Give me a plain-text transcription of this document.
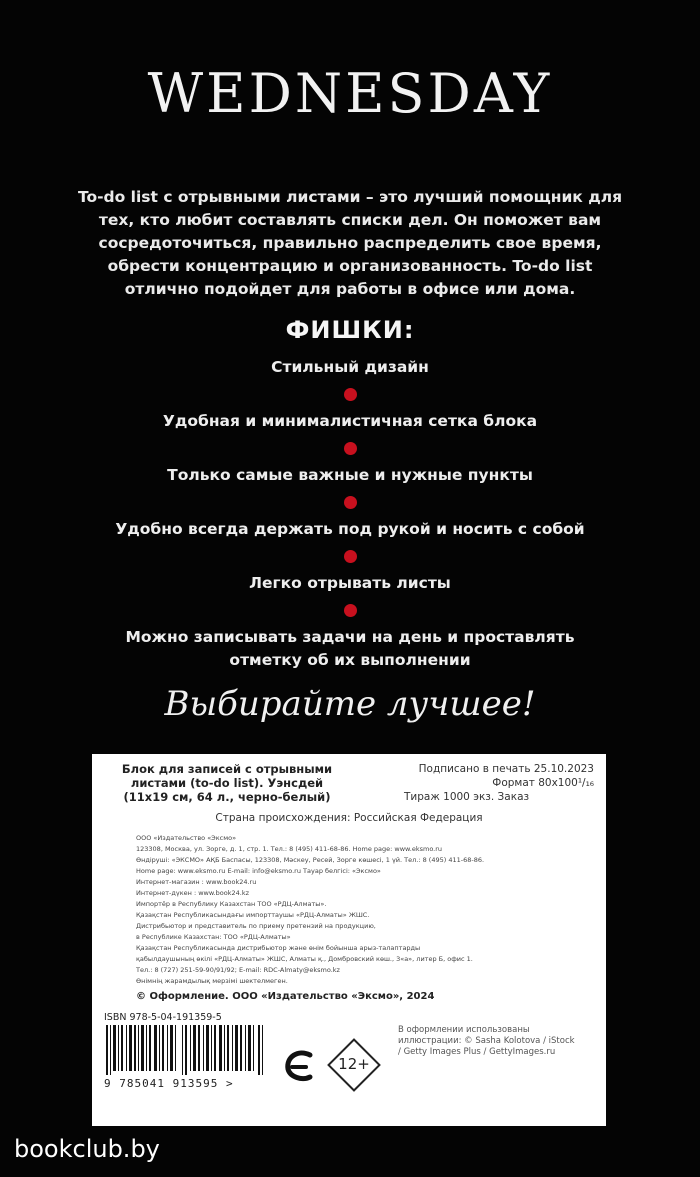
WEDNESDAY
To-do list с отрывными листами – это лучший помощник для тех, кто любит составлять списки дел. Он поможет вам сосредоточиться, правильно распределить свое время, обрести концентрацию и организованность. To-do list отлично подойдет для работы в офисе или дома.
ФИШКИ:
Стильный дизайн
Удобная и минималистичная сетка блока
Только самые важные и нужные пункты
Удобно всегда держать под рукой и носить с собой
Легко отрывать листы
Можно записывать задачи на день и проставлять отметку об их выполнении
Выбирайте лучшее!
Блок для записей с отрывными листами (to-do list). Уэнсдей (11х19 см, 64 л., черно-белый)
Подписано в печать 25.10.2023
Формат 80x100¹/₁₆
Тираж 1000 экз. Заказ
Страна происхождения: Российская Федерация
ООО «Издательство «Эксмо»
123308, Москва, ул. Зорге, д. 1, стр. 1. Тел.: 8 (495) 411-68-86. Home page: www.eksmo.ru
Өндіруші: «ЭКСМО» АҚБ Баспасы, 123308, Мәскеу, Ресей, Зорге көшесі, 1 үй. Тел.: 8 (495) 411-68-86.
Home page: www.eksmo.ru E-mail: info@eksmo.ru Тауар белгісі: «Эксмо»
Интернет-магазин : www.book24.ru
Интернет-дүкен : www.book24.kz
Импортёр в Республику Казахстан ТОО «РДЦ-Алматы».
Қазақстан Республикасындағы импорттаушы «РДЦ-Алматы» ЖШС.
Дистрибьютор и представитель по приему претензий на продукцию,
в Республике Казахстан: ТОО «РДЦ-Алматы»
Қазақстан Республикасында дистрибьютор және өнім бойынша арыз-талаптарды
қабылдаушының өкілі «РДЦ-Алматы» ЖШС, Алматы қ., Домбровский көш., 3«а», литер Б, офис 1.
Тел.: 8 (727) 251-59-90/91/92; E-mail: RDC-Almaty@eksmo.kz
Өнімнің жарамдылық мерзімі шектелмеген.
© Оформление. ООО «Издательство «Эксмо», 2024
ISBN 978-5-04-191359-5
9 785041 913595 >
12+
В оформлении использованы иллюстрации: © Sasha Kolotova / iStock / Getty Images Plus / GettyImages.ru
bookclub.by
